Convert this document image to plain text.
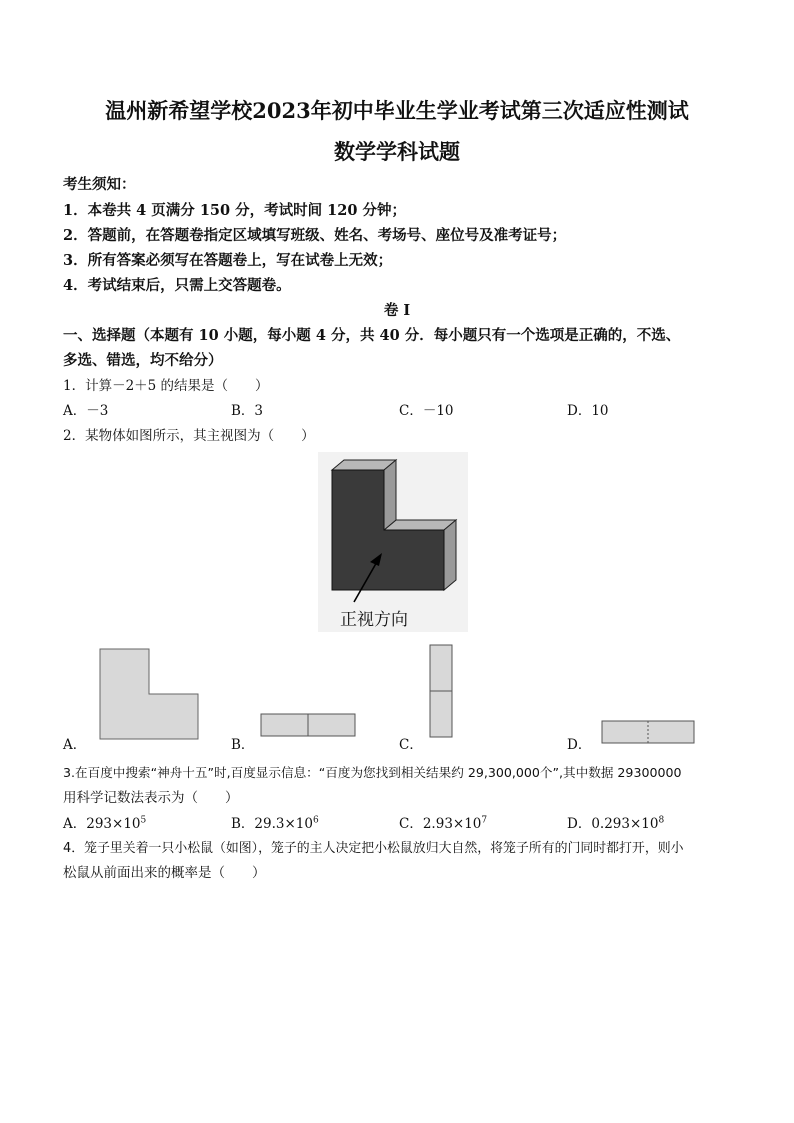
温州新希望学校2023年初中毕业生学业考试第三次适应性测试
数学学科试题
考生须知：
1．本卷共 4 页满分 150 分，考试时间 120 分钟；
2．答题前，在答题卷指定区域填写班级、姓名、考场号、座位号及准考证号；
3．所有答案必须写在答题卷上，写在试卷上无效；
4．考试结束后，只需上交答题卷。
卷 I
一、选择题（本题有 10 小题，每小题 4 分，共 40 分．每小题只有一个选项是正确的，不选、
多选、错选，均不给分）
1．计算－2＋5 的结果是（　　）
A．－3	B．3	C．－10	D．10
2．某物体如图所示，其主视图为（　　）
正视方向
A．	B．	C．	D．
3.在百度中搜索“神舟十五”时,百度显示信息：“百度为您找到相关结果约 29,300,000个”,其中数据 29300000
用科学记数法表示为（　　）
A．$293\times 10^5$	B．$29.3\times 10^6$	C．$2.93\times 10^7$	D．$0.293\times 10^8$
4．笼子里关着一只小松鼠（如图），笼子的主人决定把小松鼠放归大自然，将笼子所有的门同时都打开，则小
松鼠从前面出来的概率是（　　）
